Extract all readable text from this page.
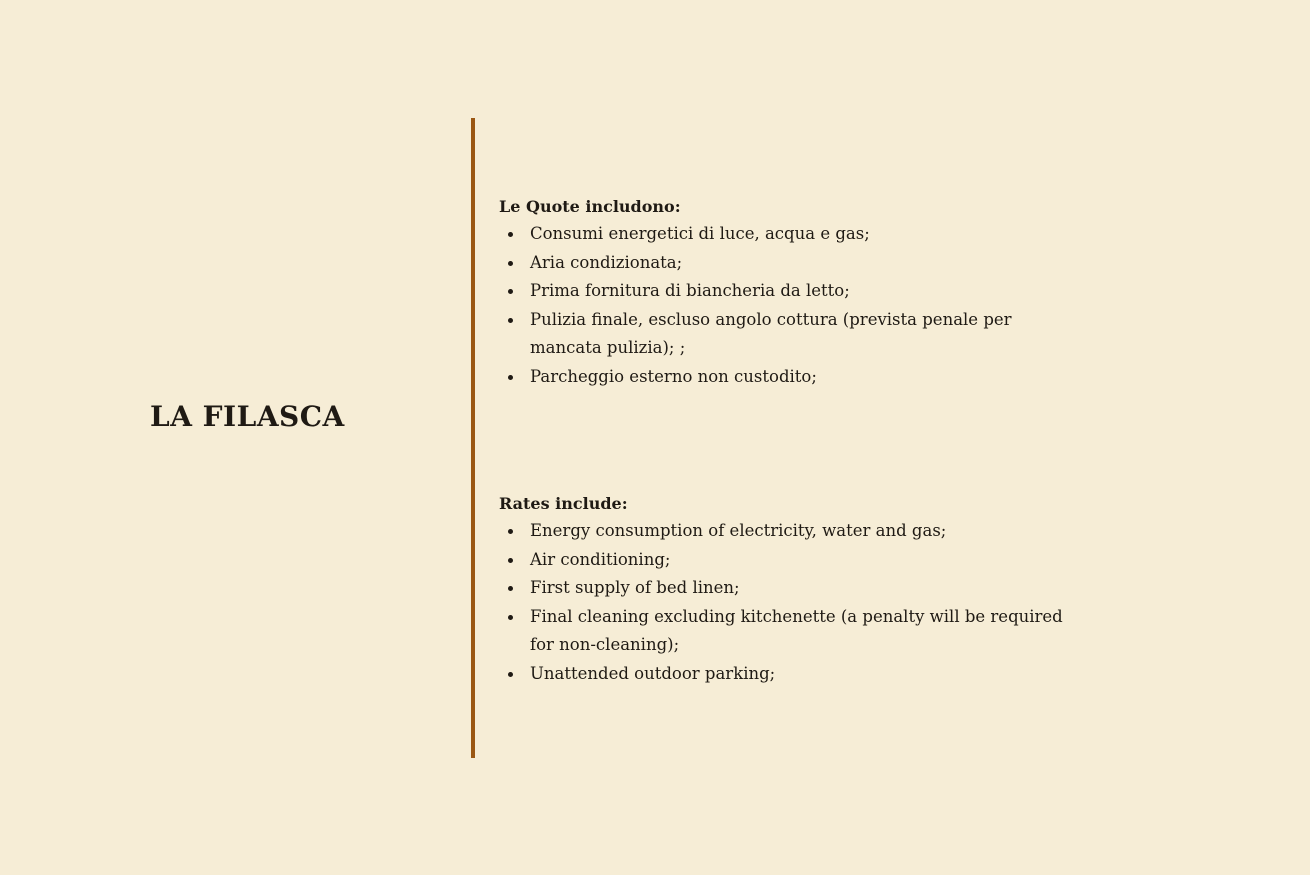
LA FILASCA

Le Quote includono:

Consumi energetici di luce, acqua e gas;
Aria condizionata;
Prima fornitura di biancheria da letto;
Pulizia finale, escluso angolo cottura (prevista penale per mancata pulizia); ;
Parcheggio esterno non custodito;

Rates include:

Energy consumption of electricity, water and gas;
Air conditioning;
First supply of bed linen;
Final cleaning excluding kitchenette (a penalty will be required for non-cleaning);
Unattended outdoor parking;
